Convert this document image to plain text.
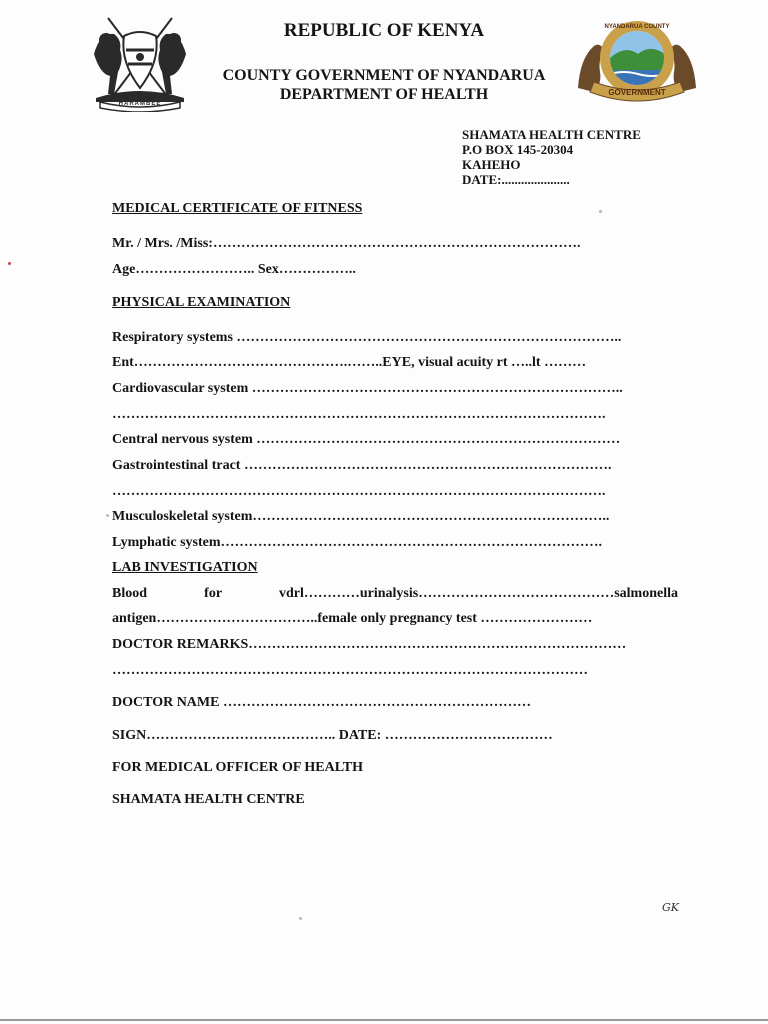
HARAMBEE
REPUBLIC OF KENYA
COUNTY GOVERNMENT OF NYANDARUA
DEPARTMENT OF HEALTH
NYANDARUA COUNTY
GOVERNMENT
SHAMATA HEALTH CENTRE
P.O BOX 145-20304
KAHEHO
DATE:.....................
MEDICAL CERTIFICATE OF FITNESS
Mr. / Mrs. /Miss:…………………………………………………………………….
Age…………………….. Sex……………..
PHYSICAL EXAMINATION
Respiratory systems ………………………………………………………………………..
Ent……………………………………….……..EYE, visual acuity rt …..lt ………
Cardiovascular system ……………………………………………………………………..
…………………………………………………………………………………………….
Central nervous system ……………………………………………………………………
Gastrointestinal tract …………………………………………………………………….
…………………………………………………………………………………………….
Musculoskeletal system…………………………………………………………………..
Lymphatic system……………………………………………………………………….
LAB INVESTIGATION
Blood for vdrl…………urinalysis……………………………………salmonella
antigen……………………………..female only pregnancy test ……………………
DOCTOR REMARKS………………………………………………………………………
…………………………………………………………………………………………
DOCTOR NAME …………………………………………………………
SIGN………………………………….. DATE: ………………………………
FOR MEDICAL OFFICER OF HEALTH
SHAMATA HEALTH CENTRE
GK
